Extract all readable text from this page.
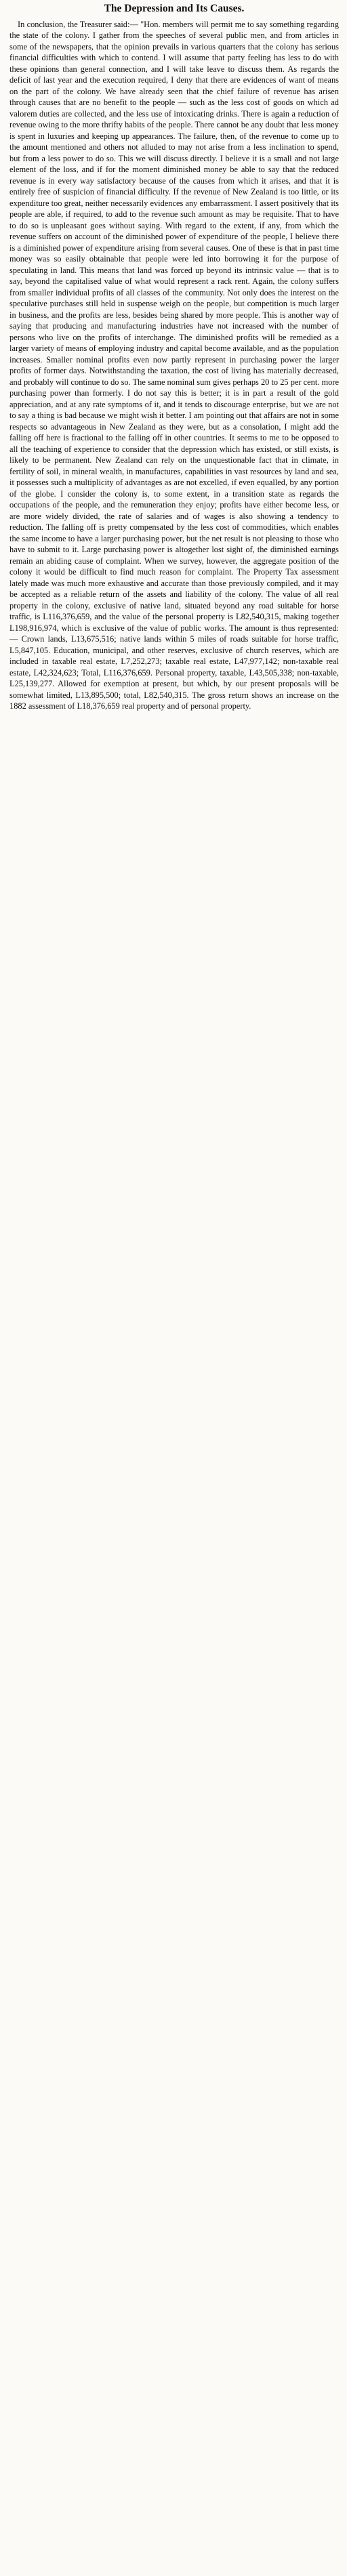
The Depression and Its Causes.

In conclusion, the Treasurer said:— "Hon. members will permit me to say something regarding the state of the colony. I gather from the speeches of several public men, and from articles in some of the newspapers, that the opinion prevails in various quarters that the colony has serious financial difficulties with which to contend. I will assume that party feeling has less to do with these opinions than general connection, and I will take leave to discuss them. As regards the deficit of last year and the execution required, I deny that there are evidences of want of means on the part of the colony. We have already seen that the chief failure of revenue has arisen through causes that are no benefit to the people — such as the less cost of goods on which ad valorem duties are collected, and the less use of intoxicating drinks. There is again a reduction of revenue owing to the more thrifty habits of the people. There cannot be any doubt that less money is spent in luxuries and keeping up appearances. The failure, then, of the revenue to come up to the amount mentioned and others not alluded to may not arise from a less inclination to spend, but from a less power to do so. This we will discuss directly. I believe it is a small and not large element of the loss, and if for the moment diminished money be able to say that the reduced revenue is in every way satisfactory because of the causes from which it arises, and that it is entirely free of suspicion of financial difficulty. If the revenue of New Zealand is too little, or its expenditure too great, neither necessarily evidences any embarrassment. I assert positively that its people are able, if required, to add to the revenue such amount as may be requisite. That to have to do so is unpleasant goes without saying. With regard to the extent, if any, from which the revenue suffers on account of the diminished power of expenditure of the people, I believe there is a diminished power of expenditure arising from several causes. One of these is that in past time money was so easily obtainable that people were led into borrowing it for the purpose of speculating in land. This means that land was forced up beyond its intrinsic value — that is to say, beyond the capitalised value of what would represent a rack rent. Again, the colony suffers from smaller individual profits of all classes of the community. Not only does the interest on the speculative purchases still held in suspense weigh on the people, but competition is much larger in business, and the profits are less, besides being shared by more people. This is another way of saying that producing and manufacturing industries have not increased with the number of persons who live on the profits of interchange. The diminished profits will be remedied as a larger variety of means of employing industry and capital become available, and as the population increases. Smaller nominal profits even now partly represent in purchasing power the larger profits of former days. Notwithstanding the taxation, the cost of living has materially decreased, and probably will continue to do so. The same nominal sum gives perhaps 20 to 25 per cent. more purchasing power than formerly. I do not say this is better; it is in part a result of the gold appreciation, and at any rate symptoms of it, and it tends to discourage enterprise, but we are not to say a thing is bad because we might wish it better. I am pointing out that affairs are not in some respects so advantageous in New Zealand as they were, but as a consolation, I might add the falling off here is fractional to the falling off in other countries. It seems to me to be opposed to all the teaching of experience to consider that the depression which has existed, or still exists, is likely to be permanent. New Zealand can rely on the unquestionable fact that in climate, in fertility of soil, in mineral wealth, in manufactures, capabilities in vast resources by land and sea, it possesses such a multiplicity of advantages as are not excelled, if even equalled, by any portion of the globe. I consider the colony is, to some extent, in a transition state as regards the occupations of the people, and the remuneration they enjoy; profits have either become less, or are more widely divided, the rate of salaries and of wages is also showing a tendency to reduction. The falling off is pretty compensated by the less cost of commodities, which enables the same income to have a larger purchasing power, but the net result is not pleasing to those who have to submit to it. Large purchasing power is altogether lost sight of, the diminished earnings remain an abiding cause of complaint. When we survey, however, the aggregate position of the colony it would be difficult to find much reason for complaint. The Property Tax assessment lately made was much more exhaustive and accurate than those previously compiled, and it may be accepted as a reliable return of the assets and liability of the colony. The value of all real property in the colony, exclusive of native land, situated beyond any road suitable for horse traffic, is L116,376,659, and the value of the personal property is L82,540,315, making together L198,916,974, which is exclusive of the value of public works. The amount is thus represented:— Crown lands, L13,675,516; native lands within 5 miles of roads suitable for horse traffic, L5,847,105. Education, municipal, and other reserves, exclusive of church reserves, which are included in taxable real estate, L7,252,273; taxable real estate, L47,977,142; non-taxable real estate, L42,324,623; Total, L116,376,659. Personal property, taxable, L43,505,338; non-taxable, L25,139,277. Allowed for exemption at present, but which, by our present proposals will be somewhat limited, L13,895,500; total, L82,540,315. The gross return shows an increase on the 1882 assessment of L18,376,659 real property and of personal property.
